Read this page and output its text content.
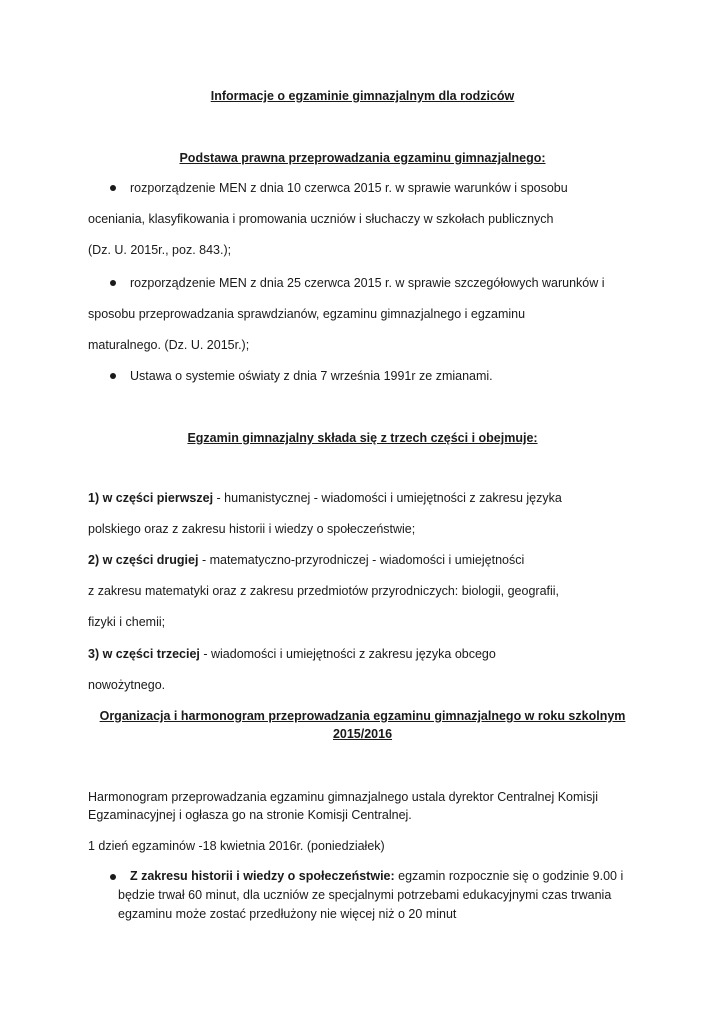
Informacje o egzaminie gimnazjalnym dla rodziców
Podstawa prawna przeprowadzania egzaminu gimnazjalnego:
rozporządzenie MEN z dnia 10 czerwca 2015 r. w sprawie warunków i sposobu
oceniania, klasyfikowania i promowania uczniów i słuchaczy w szkołach publicznych
(Dz. U. 2015r., poz. 843.);
rozporządzenie MEN z dnia 25 czerwca 2015 r. w sprawie szczegółowych warunków i
sposobu przeprowadzania sprawdzianów, egzaminu gimnazjalnego i egzaminu
maturalnego. (Dz. U. 2015r.);
Ustawa o systemie oświaty z dnia 7 września 1991r ze zmianami.
Egzamin gimnazjalny składa się z trzech części i obejmuje:
1) w części pierwszej - humanistycznej - wiadomości i umiejętności z zakresu języka
polskiego oraz z zakresu historii i wiedzy o społeczeństwie;
2) w części drugiej - matematyczno-przyrodniczej - wiadomości i umiejętności
z zakresu matematyki oraz z zakresu przedmiotów przyrodniczych: biologii, geografii,
fizyki i chemii;
3) w części trzeciej - wiadomości i umiejętności z zakresu języka obcego
nowożytnego.
Organizacja i harmonogram przeprowadzania egzaminu gimnazjalnego w roku szkolnym
2015/2016
Harmonogram przeprowadzania egzaminu gimnazjalnego ustala dyrektor Centralnej Komisji
Egzaminacyjnej i ogłasza go na stronie Komisji Centralnej.
1 dzień egzaminów -18 kwietnia 2016r. (poniedziałek)
Z zakresu historii i wiedzy o społeczeństwie: egzamin rozpocznie się o godzinie 9.00 i
będzie trwał 60 minut, dla uczniów ze specjalnymi potrzebami edukacyjnymi czas trwania
egzaminu może zostać przedłużony nie więcej niż o 20 minut
